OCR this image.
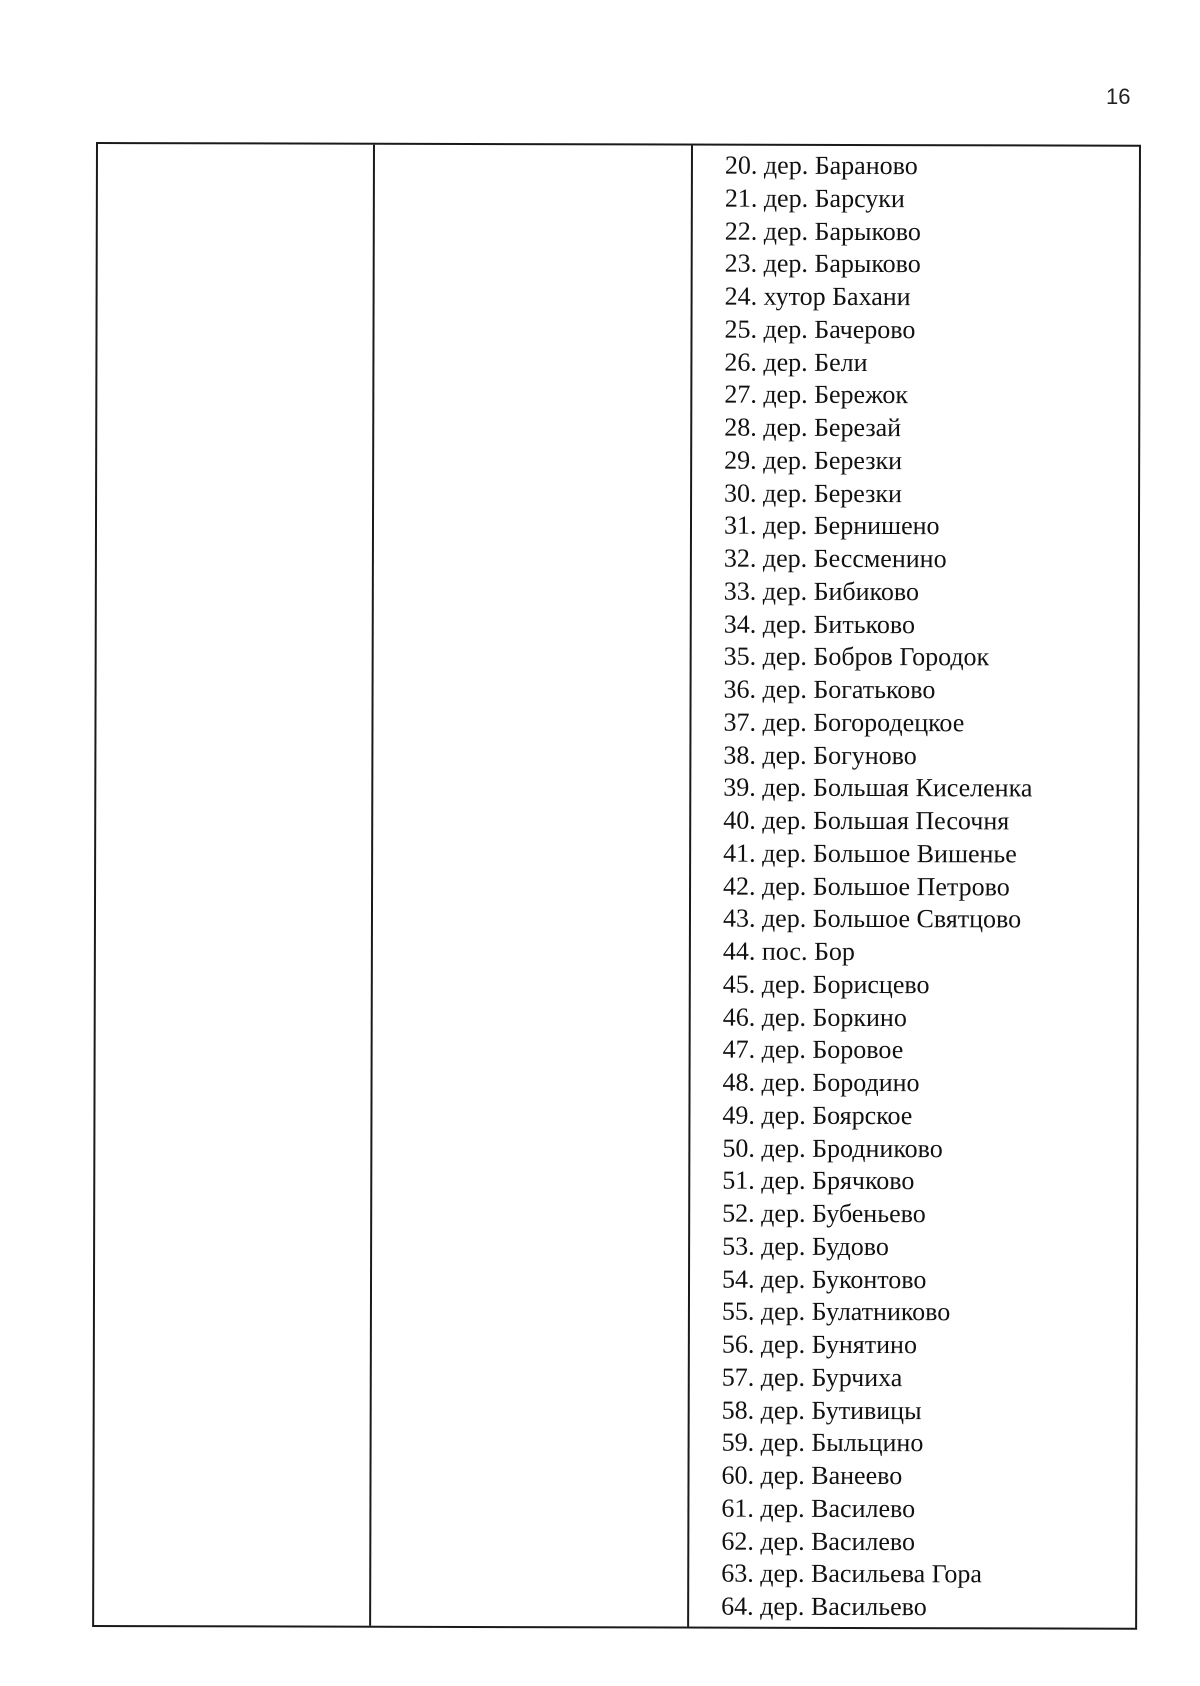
16
20. дер. Бараново
21. дер. Барсуки
22. дер. Барыково
23. дер. Барыково
24. хутор Бахани
25. дер. Бачерово
26. дер. Бели
27. дер. Бережок
28. дер. Березай
29. дер. Березки
30. дер. Березки
31. дер. Бернишено
32. дер. Бессменино
33. дер. Бибиково
34. дер. Битьково
35. дер. Бобров Городок
36. дер. Богатьково
37. дер. Богородецкое
38. дер. Богуново
39. дер. Большая Киселенка
40. дер. Большая Песочня
41. дер. Большое Вишенье
42. дер. Большое Петрово
43. дер. Большое Святцово
44. пос. Бор
45. дер. Борисцево
46. дер. Боркино
47. дер. Боровое
48. дер. Бородино
49. дер. Боярское
50. дер. Бродниково
51. дер. Брячково
52. дер. Бубеньево
53. дер. Будово
54. дер. Буконтово
55. дер. Булатниково
56. дер. Бунятино
57. дер. Бурчиха
58. дер. Бутивицы
59. дер. Быльцино
60. дер. Ванеево
61. дер. Василево
62. дер. Василево
63. дер. Васильева Гора
64. дер. Васильево
